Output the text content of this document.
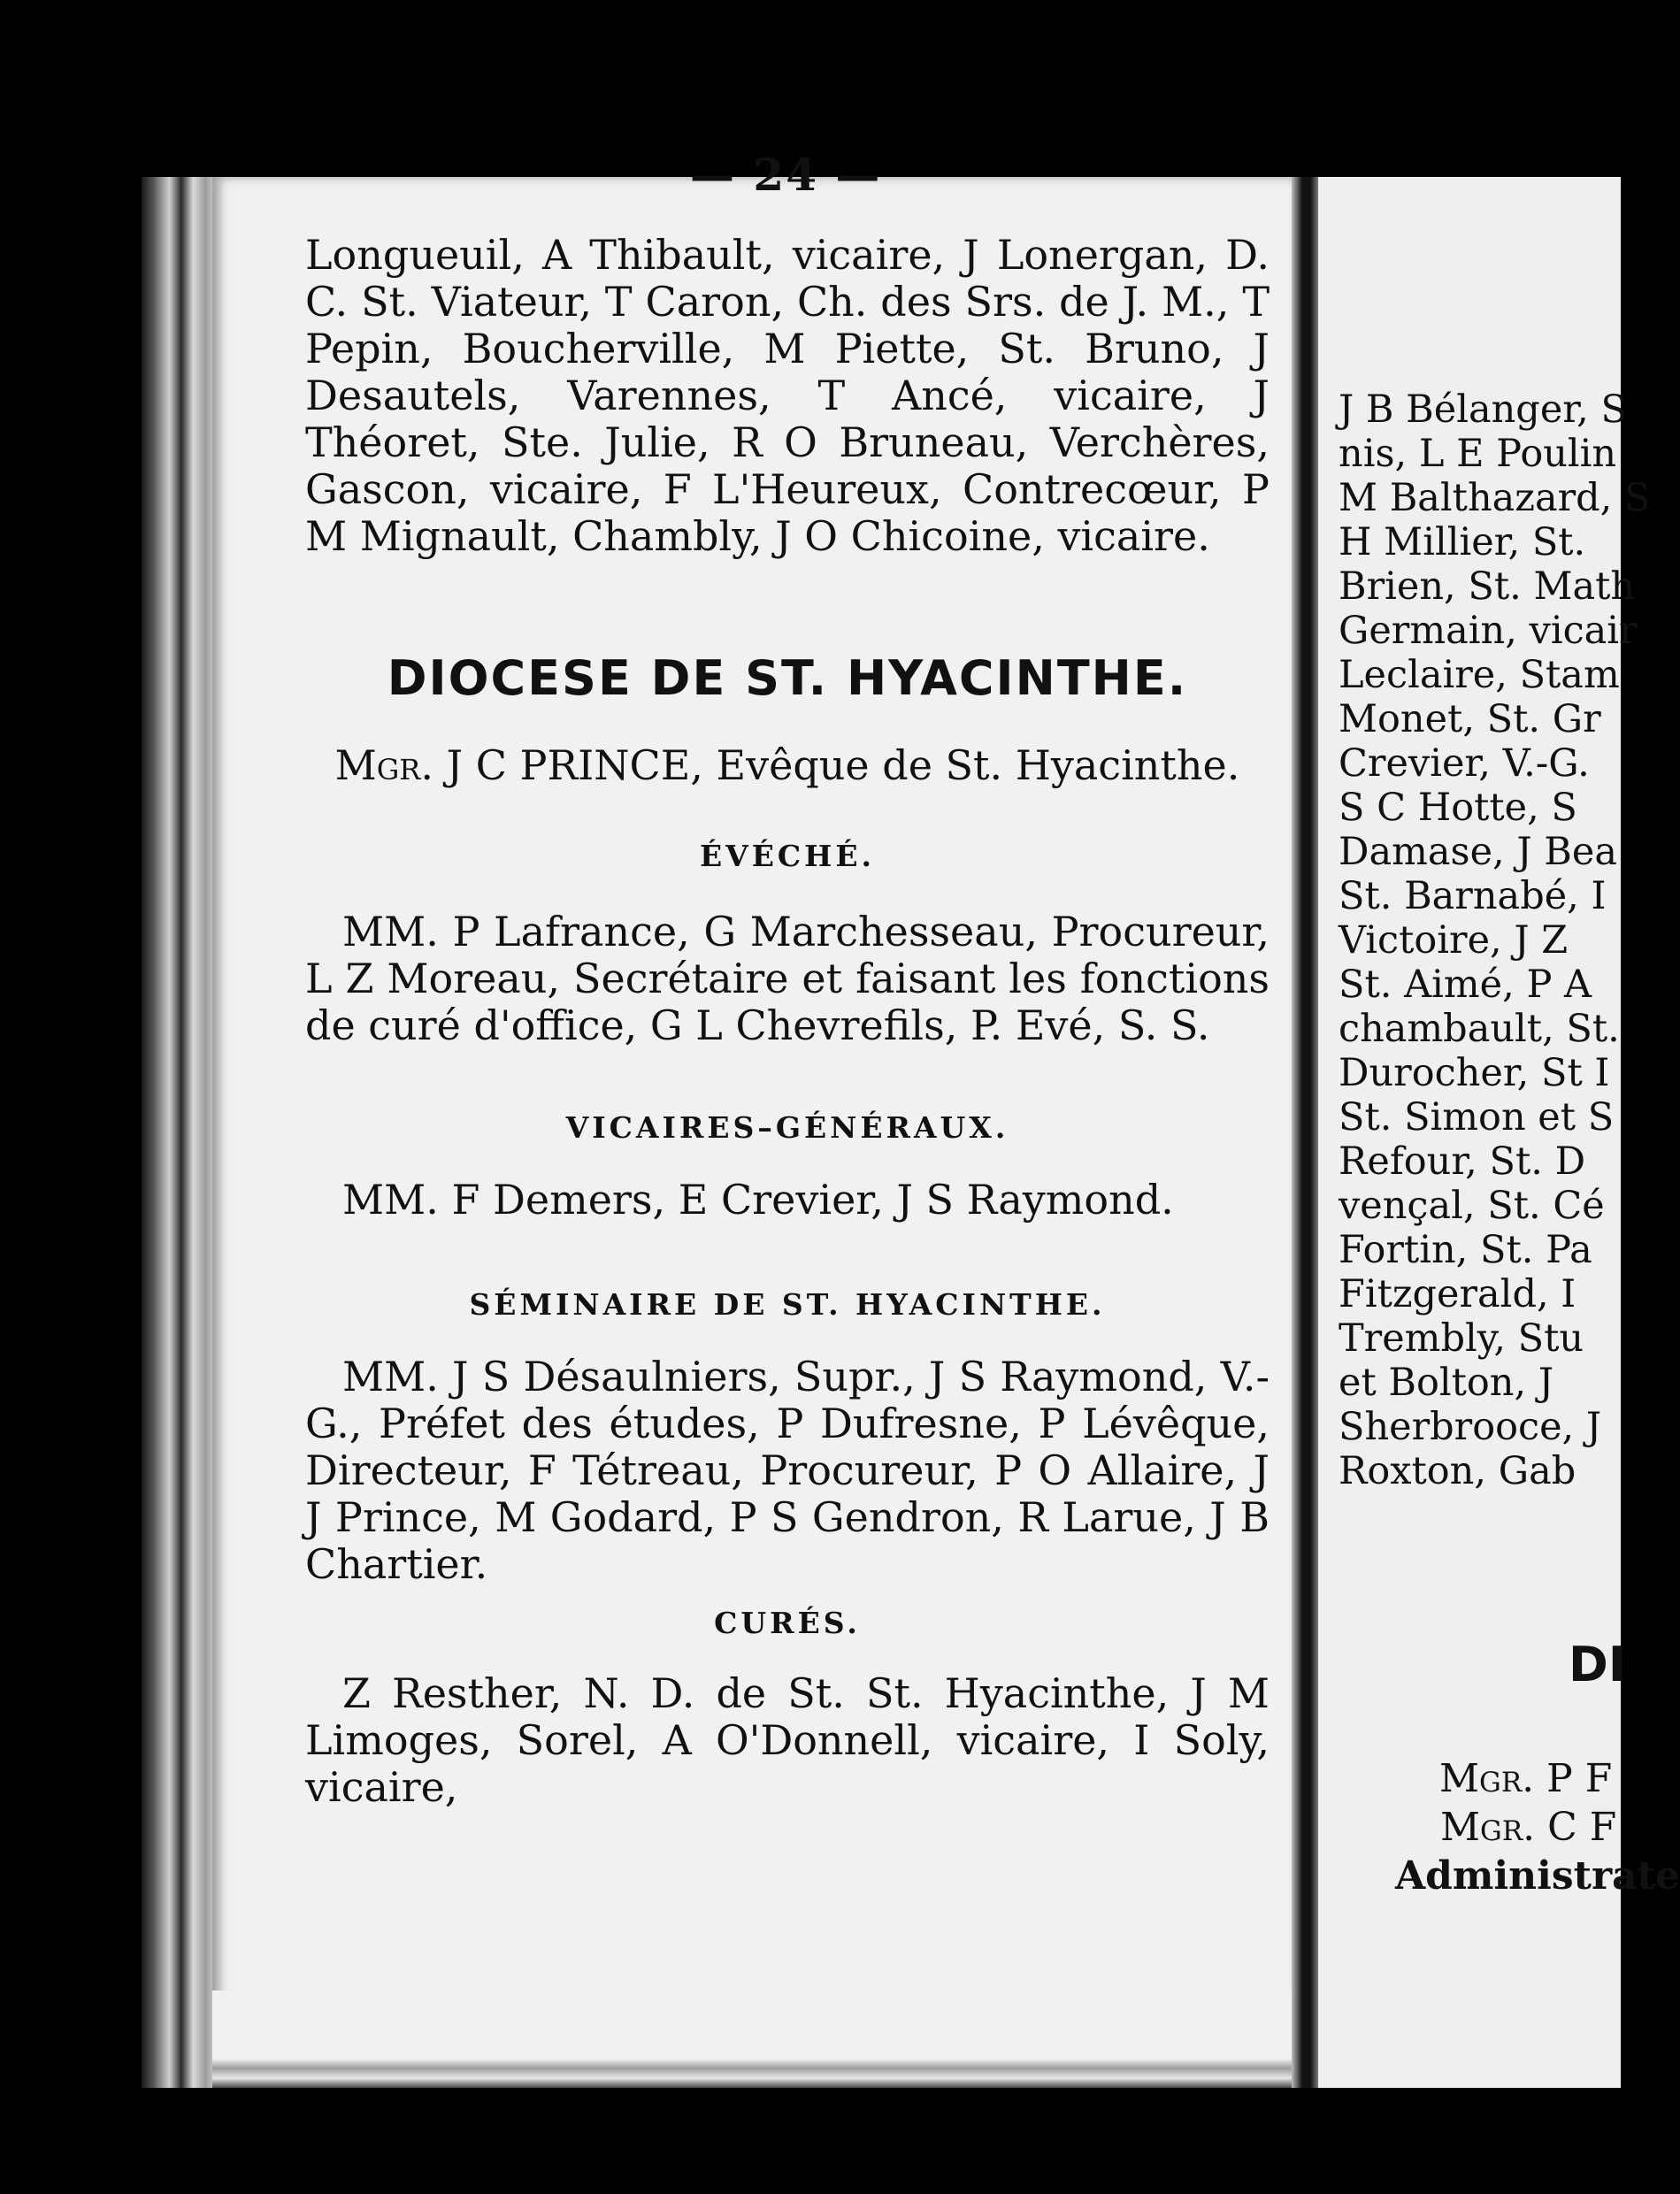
— 24 —

Longueuil, A Thibault, vicaire, J Lonergan, D. C. St. Viateur, T Caron, Ch. des Srs. de J. M., T Pepin, Boucherville, M Piette, St. Bruno, J Desautels, Varennes, T Ancé, vicaire, J Théoret, Ste. Julie, R O Bruneau, Verchères, Gascon, vicaire, F L'Heureux, Contrecœur, P M Mignault, Chambly, J O Chicoine, vicaire.

DIOCESE DE ST. HYACINTHE.

Mgr. J C PRINCE, Evêque de St. Hyacinthe.

ÉVÉCHÉ.

MM. P Lafrance, G Marchesseau, Procureur, L Z Moreau, Secrétaire et faisant les fonctions de curé d'office, G L Chevrefils, P. Evé, S. S.

VICAIRES–GÉNÉRAUX.

MM. F Demers, E Crevier, J S Raymond.

SÉMINAIRE DE ST. HYACINTHE.

MM. J S Désaulniers, Supr., J S Raymond, V.-G., Préfet des études, P Dufresne, P Lévêque, Directeur, F Tétreau, Procureur, P O Allaire, J J Prince, M Godard, P S Gendron, R Larue, J B Chartier.

CURÉS.

Z Resther, N. D. de St. St. Hyacinthe, J M Limoges, Sorel, A O'Donnell, vicaire, I Soly, vicaire,

J B Bélanger, S
nis, L E Poulin
M Balthazard, S
H Millier, St.
Brien, St. Math
Germain, vicair
Leclaire, Stam
Monet, St. Gr
Crevier, V.-G.
S C Hotte, S
Damase, J Bea
St. Barnabé, I
Victoire, J Z
St. Aimé, P A
chambault, St.
Durocher, St I
St. Simon et S
Refour, St. D
vençal, St. Cé
Fortin, St. Pa
Fitzgerald, I
Trembly, Stu
et Bolton, J
Sherbrooce, J
Roxton, Gab
DI
Mgr. P F
Mgr. C F
Administrate
